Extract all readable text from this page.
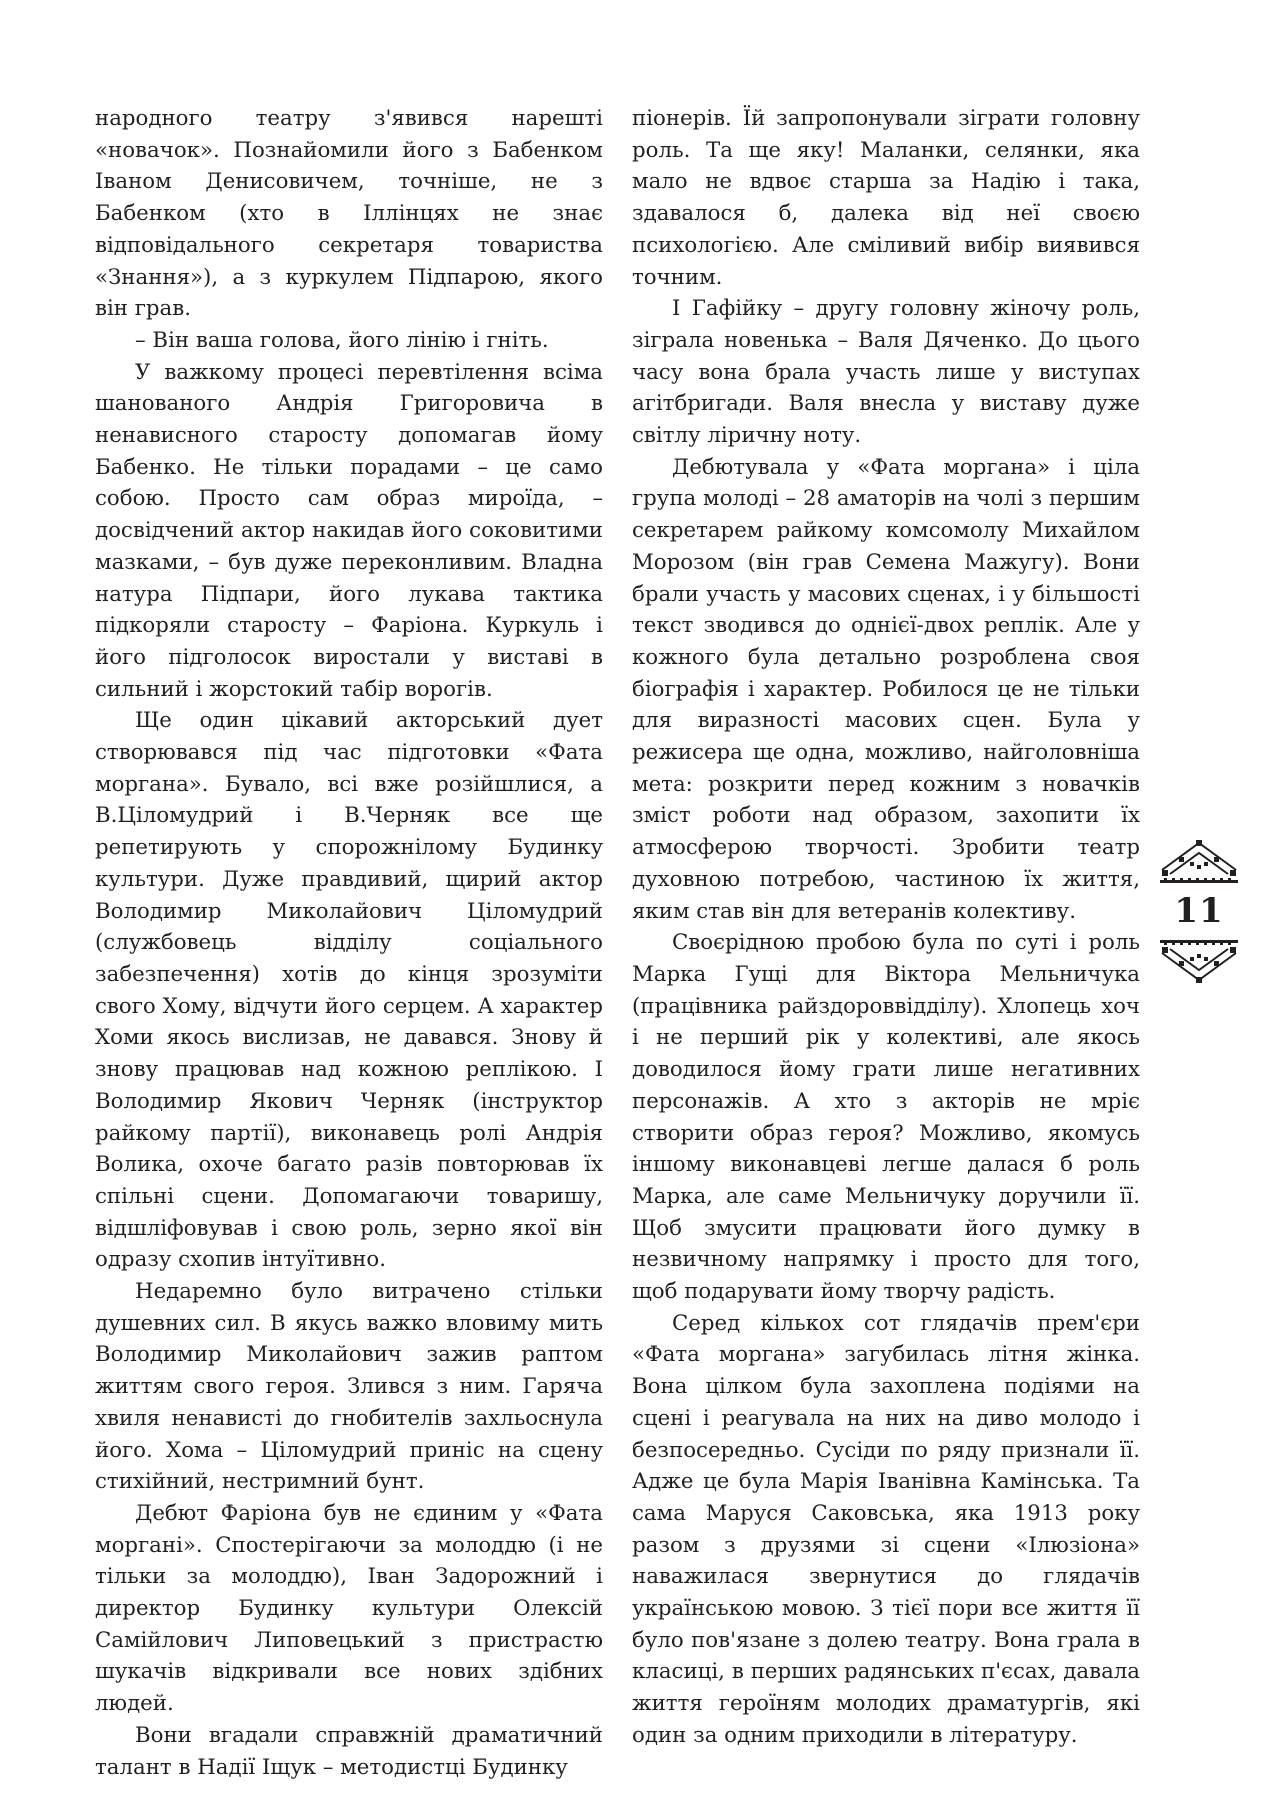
народного театру з'явився нарешті «новачок». Познайомили його з Бабенком Іваном Денисовичем, точніше, не з Бабенком (хто в Іллінцях не знає відповідального секретаря товариства «Знання»), а з куркулем Підпарою, якого він грав.

– Він ваша голова, його лінію і гніть.

У важкому процесі перевтілення всіма шанованого Андрія Григоровича в ненависного старосту допомагав йому Бабенко. Не тільки порадами – це само собою. Просто сам образ мироїда, – досвідчений актор накидав його соковитими мазками, – був дуже переконливим. Владна натура Підпари, його лукава тактика підкоряли старосту – Фаріона. Куркуль і його підголосок виростали у виставі в сильний і жорстокий табір ворогів.

Ще один цікавий акторський дует створювався під час підготовки «Фата моргана». Бувало, всі вже розійшлися, а В.Ціломудрий і В.Черняк все ще репетирують у спорожнілому Будинку культури. Дуже правдивий, щирий актор Володимир Миколайович Ціломудрий (службовець відділу соціального забезпечення) хотів до кінця зрозуміти свого Хому, відчути його серцем. А характер Хоми якось вислизав, не давався. Знову й знову працював над кожною реплікою. І Володимир Якович Черняк (інструктор райкому партії), виконавець ролі Андрія Волика, охоче багато разів повторював їх спільні сцени. Допомагаючи товаришу, відшліфовував і свою роль, зерно якої він одразу схопив інтуїтивно.

Недаремно було витрачено стільки душевних сил. В якусь важко вловиму мить Володимир Миколайович зажив раптом життям свого героя. Злився з ним. Гаряча хвиля ненависті до гнобителів захльоснула його. Хома – Ціломудрий приніс на сцену стихійний, нестримний бунт.

Дебют Фаріона був не єдиним у «Фата моргані». Спостерігаючи за молоддю (і не тільки за молоддю), Іван Задорожний і директор Будинку культури Олексій Самійлович Липовецький з пристрастю шукачів відкривали все нових здібних людей.

Вони вгадали справжній драматичний талант в Надії Іщук – методистці Будинку

піонерів. Їй запропонували зіграти головну роль. Та ще яку! Маланки, селянки, яка мало не вдвоє старша за Надію і така, здавалося б, далека від неї своєю психологією. Але сміливий вибір виявився точним.

І Гафійку – другу головну жіночу роль, зіграла новенька – Валя Дяченко. До цього часу вона брала участь лише у виступах агітбригади. Валя внесла у виставу дуже світлу ліричну ноту.

Дебютувала у «Фата моргана» і ціла група молоді – 28 аматорів на чолі з першим секретарем райкому комсомолу Михайлом Морозом (він грав Семена Мажугу). Вони брали участь у масових сценах, і у більшості текст зводився до однієї-двох реплік. Але у кожного була детально розроблена своя біографія і характер. Робилося це не тільки для виразності масових сцен. Була у режисера ще одна, можливо, найголовніша мета: розкрити перед кожним з новачків зміст роботи над образом, захопити їх атмосферою творчості. Зробити театр духовною потребою, частиною їх життя, яким став він для ветеранів колективу.

Своєрідною пробою була по суті і роль Марка Гущі для Віктора Мельничука (працівника райздороввідділу). Хлопець хоч і не перший рік у колективі, але якось доводилося йому грати лише негативних персонажів. А хто з акторів не мріє створити образ героя? Можливо, якомусь іншому виконавцеві легше далася б роль Марка, але саме Мельничуку доручили її. Щоб змусити працювати його думку в незвичному напрямку і просто для того, щоб подарувати йому творчу радість.

Серед кількох сот глядачів прем'єри «Фата моргана» загубилась літня жінка. Вона цілком була захоплена подіями на сцені і реагувала на них на диво молодо і безпосередньо. Сусіди по ряду признали її. Адже це була Марія Іванівна Камінська. Та сама Маруся Саковська, яка 1913 року разом з друзями зі сцени «Ілюзіона» наважилася звернутися до глядачів українською мовою. З тієї пори все життя її було пов'язане з долею театру. Вона грала в класиці, в перших радянських п'єсах, давала життя героїням молодих драматургів, які один за одним приходили в літературу.

11
